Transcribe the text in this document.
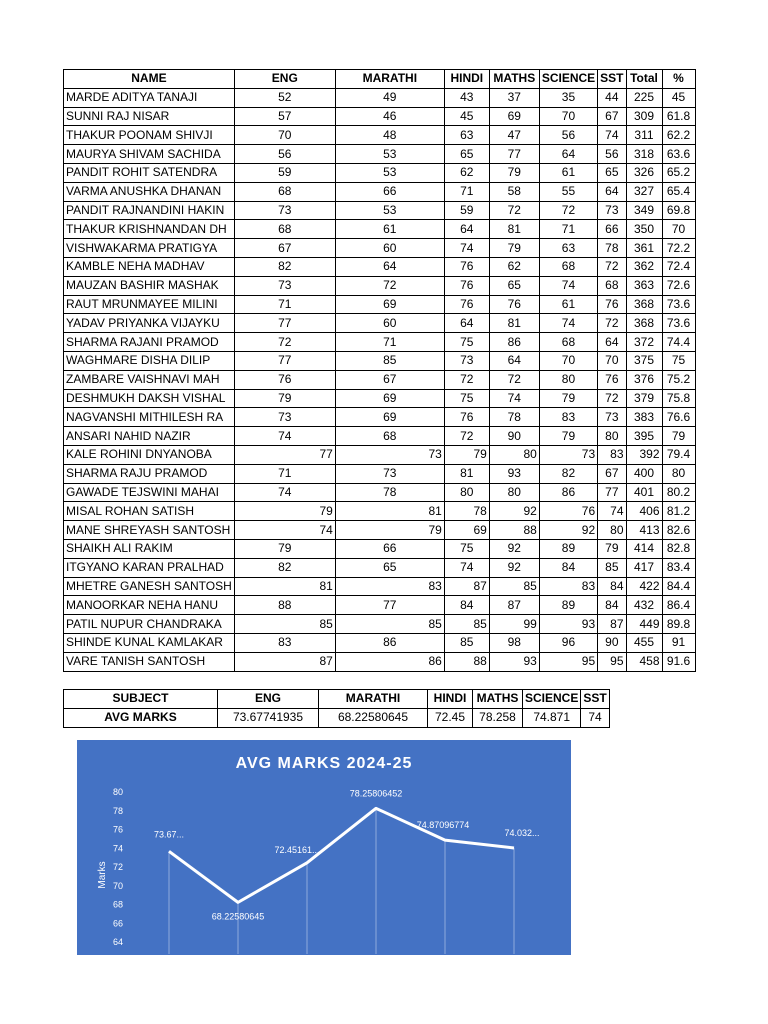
NAME	ENG	MARATHI	HINDI	MATHS	SCIENCE	SST	Total	%
MARDE ADITYA TANAJI	52	49	43	37	35	44	225	45
SUNNI RAJ NISAR	57	46	45	69	70	67	309	61.8
THAKUR POONAM SHIVJI	70	48	63	47	56	74	311	62.2
MAURYA SHIVAM SACHIDA	56	53	65	77	64	56	318	63.6
PANDIT ROHIT SATENDRA	59	53	62	79	61	65	326	65.2
VARMA ANUSHKA DHANAN	68	66	71	58	55	64	327	65.4
PANDIT RAJNANDINI HAKIN	73	53	59	72	72	73	349	69.8
THAKUR KRISHNANDAN DH	68	61	64	81	71	66	350	70
VISHWAKARMA PRATIGYA	67	60	74	79	63	78	361	72.2
KAMBLE NEHA MADHAV	82	64	76	62	68	72	362	72.4
MAUZAN BASHIR MASHAK	73	72	76	65	74	68	363	72.6
RAUT MRUNMAYEE MILINI	71	69	76	76	61	76	368	73.6
YADAV PRIYANKA VIJAYKU	77	60	64	81	74	72	368	73.6
SHARMA RAJANI PRAMOD	72	71	75	86	68	64	372	74.4
WAGHMARE DISHA DILIP	77	85	73	64	70	70	375	75
ZAMBARE VAISHNAVI MAH	76	67	72	72	80	76	376	75.2
DESHMUKH DAKSH VISHAL	79	69	75	74	79	72	379	75.8
NAGVANSHI MITHILESH RA	73	69	76	78	83	73	383	76.6
ANSARI NAHID NAZIR	74	68	72	90	79	80	395	79
KALE ROHINI DNYANOBA	77	73	79	80	73	83	392	79.4
SHARMA RAJU PRAMOD	71	73	81	93	82	67	400	80
GAWADE TEJSWINI MAHAI	74	78	80	80	86	77	401	80.2
MISAL ROHAN SATISH	79	81	78	92	76	74	406	81.2
MANE SHREYASH SANTOSH	74	79	69	88	92	80	413	82.6
SHAIKH ALI RAKIM	79	66	75	92	89	79	414	82.8
ITGYANO KARAN PRALHAD	82	65	74	92	84	85	417	83.4
MHETRE GANESH SANTOSH	81	83	87	85	83	84	422	84.4
MANOORKAR NEHA HANU	88	77	84	87	89	84	432	86.4
PATIL NUPUR CHANDRAKA	85	85	85	99	93	87	449	89.8
SHINDE KUNAL KAMLAKAR	83	86	85	98	96	90	455	91
VARE TANISH SANTOSH	87	86	88	93	95	95	458	91.6
SUBJECT	ENG	MARATHI	HINDI	MATHS	SCIENCE	SST
AVG MARKS	73.67741935	68.22580645	72.45	78.258	74.871	74
AVG MARKS 2024-25
Marks
64
66
68
70
72
74
76
78
80
73.67...
68.22580645
72.45161...
78.25806452
74.87096774
74.032...
